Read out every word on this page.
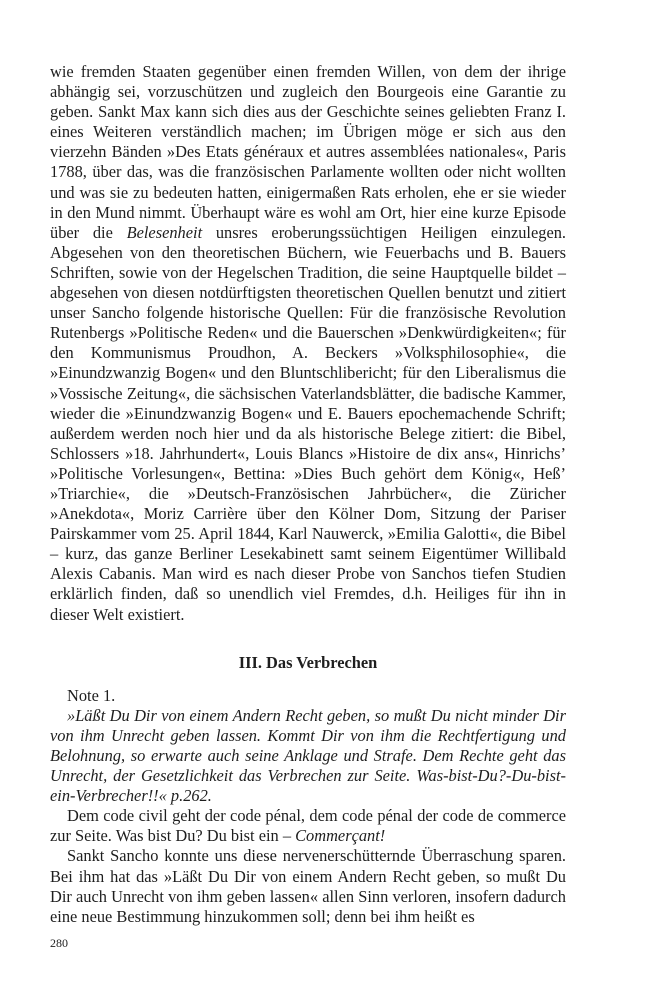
wie fremden Staaten gegenüber einen fremden Willen, von dem der ihrige abhängig sei, vorzuschützen und zugleich den Bourgeois eine Garantie zu geben. Sankt Max kann sich dies aus der Geschichte seines geliebten Franz I. eines Weiteren verständlich machen; im Übrigen möge er sich aus den vierzehn Bänden »Des Etats généraux et autres assemblées nationales«, Paris 1788, über das, was die französischen Parlamente wollten oder nicht wollten und was sie zu bedeuten hatten, einigermaßen Rats erholen, ehe er sie wieder in den Mund nimmt. Überhaupt wäre es wohl am Ort, hier eine kurze Episode über die Belesenheit unsres eroberungssüchtigen Heiligen einzulegen. Abgesehen von den theoretischen Büchern, wie Feuerbachs und B. Bauers Schriften, sowie von der Hegelschen Tradition, die seine Hauptquelle bildet – abgesehen von diesen notdürftigsten theoretischen Quellen benutzt und zitiert unser Sancho folgende historische Quellen: Für die französische Revolution Rutenbergs »Politische Reden« und die Bauerschen »Denkwürdigkeiten«; für den Kommunismus Proudhon, A. Beckers »Volksphilosophie«, die »Einundzwanzig Bogen« und den Bluntschlibericht; für den Liberalismus die »Vossische Zeitung«, die sächsischen Vaterlandsblätter, die badische Kammer, wieder die »Einundzwanzig Bogen« und E. Bauers epochemachende Schrift; außerdem werden noch hier und da als historische Belege zitiert: die Bibel, Schlossers »18. Jahrhundert«, Louis Blancs »Histoire de dix ans«, Hinrichs’ »Politische Vorlesungen«, Bettina: »Dies Buch gehört dem König«, Heß’ »Triarchie«, die »Deutsch-Französischen Jahrbücher«, die Züricher »Anekdota«, Moriz Carrière über den Kölner Dom, Sitzung der Pariser Pairskammer vom 25. April 1844, Karl Nauwerck, »Emilia Galotti«, die Bibel – kurz, das ganze Berliner Lesekabinett samt seinem Eigentümer Willibald Alexis Cabanis. Man wird es nach dieser Probe von Sanchos tiefen Studien erklärlich finden, daß so unendlich viel Fremdes, d.h. Heiliges für ihn in dieser Welt existiert.

III. Das Verbrechen

Note 1.

»Läßt Du Dir von einem Andern Recht geben, so mußt Du nicht minder Dir von ihm Unrecht geben lassen. Kommt Dir von ihm die Rechtfertigung und Belohnung, so erwarte auch seine Anklage und Strafe. Dem Rechte geht das Unrecht, der Gesetzlichkeit das Verbrechen zur Seite. Was-bist-Du?-Du-bist-ein-Verbrecher!!« p.262.

Dem code civil geht der code pénal, dem code pénal der code de commerce zur Seite. Was bist Du? Du bist ein – Commerçant!

Sankt Sancho konnte uns diese nervenerschütternde Überraschung sparen. Bei ihm hat das »Läßt Du Dir von einem Andern Recht geben, so mußt Du Dir auch Unrecht von ihm geben lassen« allen Sinn verloren, insofern dadurch eine neue Bestimmung hinzukommen soll; denn bei ihm heißt es

280
